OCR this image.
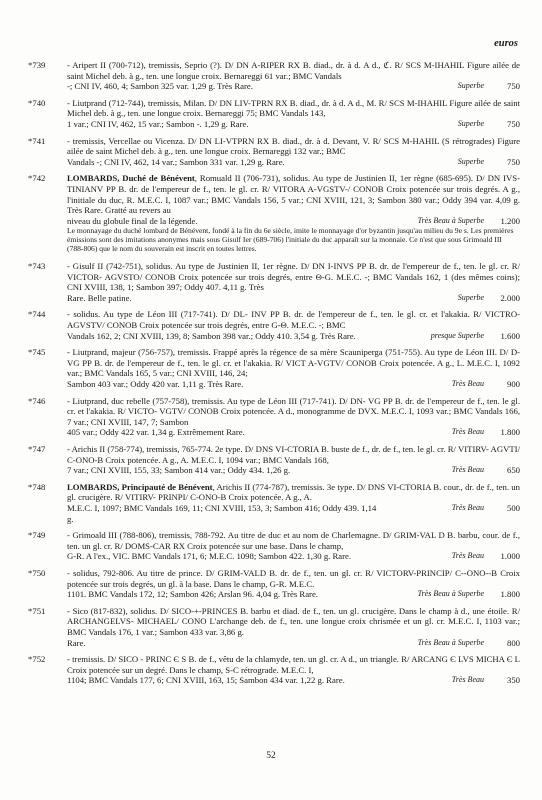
euros
*739	- Aripert II (700-712), tremissis, Seprio (?). D/ DN A-RIPER RX B. diad., dr. à d. A d., ℭ. R/ SCS M-IHAHIL Figure ailée de saint Michel deb. à g., ten. une longue croix. Bernareggi 61 var.; BMC Vandals
-; CNI IV, 460, 4; Sambon 325 var. 1,29 g. Très Rare.	Superbe	750
*740	- Liutprand (712-744), tremissis, Milan. D/ DN LIV-TPRN RX B. diad., dr. à d. A d., M. R/ SCS M-IHAHIL Figure ailée de saint Michel deb. à g., ten. une longue croix. Bernareggi 75; BMC Vandals 143,
1 var.; CNI IV, 462, 15 var.; Sambon -. 1,29 g. Rare.	Superbe	750
*741	- tremissis, Vercellae ou Vicenza. D/ DN LI-VTPRN RX B. diad., dr. à d. Devant, V. R/ SCS M-HAHIL (S rétrogrades) Figure ailée de saint Michel deb. à g., ten. une longue croix. Bernareggi 132 var.; BMC
Vandals -; CNI IV, 462, 14 var.; Sambon 331 var. 1,29 g. Rare.	Superbe	750
*742	LOMBARDS, Duché de Bénévent, Romuald II (706-731), solidus. Au type de Justinien II, 1er règne (685-695). D/ DN IVS-TINIANV PP B. dr. de l'empereur de f., ten. le gl. cr. R/ VITORA A-VGSTV-/ CONOB Croix potencée sur trois degrés. A g., l'initiale du duc, R. M.E.C. I, 1087 var.; BMC Vandals 156, 5 var.; CNI XVIII, 121, 3; Sambon 380 var.; Oddy 394 var. 4,09 g. Très Rare. Gratté au revers au
niveau du globule final de la légende.	Très Beau à Superbe	1.200
Le monnayage du duché lombard de Bénévent, fondé à la fin du 6e siècle, imite le monnayage d'or byzantin jusqu'au milieu du 9e s. Les premières émissions sont des imitations anonymes mais sous Gisulf Ier (689-706) l'initiale du duc apparaît sur la monnaie. Ce n'est que sous Grimoald III (788-806) que le nom du souverain est inscrit en toutes lettres.
*743	- Gisulf II (742-751), solidus. Au type de Justinien II, 1er règne. D/ DN I-INVS PP B. dr. de l'empereur de f., ten. le gl. cr. R/ VICTOR- AGVSTO/ CONOB Croix potencée sur trois degrés, entre Θ-G. M.E.C. -; BMC Vandals 162, 1 (des mêmes coins); CNI XVIII, 138, 1; Sambon 397; Oddy 407. 4,11 g. Très
Rare. Belle patine.	Superbe	2.000
*744	- solidus. Au type de Léon III (717-741). D/ DL- INV PP B. dr. de l'empereur de f., ten. le gl. cr. et l'akakia. R/ VICTRO- AGVSTV/ CONOB Croix potencée sur trois degrés, entre G-Θ. M.E.C. -; BMC
Vandals 162, 2; CNI XVIII, 139, 8; Sambon 398 var.; Oddy 410. 3,54 g. Très Rare.	presque Superbe	1.600
*745	- Liutprand, majeur (756-757), tremissis. Frappé après la régence de sa mère Scauniperga (751-755). Au type de Léon III. D/ D- VG PP B. dr. de l'empereur de f., ten. le gl. cr. et l'akakia. R/ VICT A-VGTV/ CONOB Croix potencée. A g., L. M.E.C. I, 1092 var.; BMC Vandals 165, 5 var.; CNI XVIII, 146, 24;
Sambon 403 var.; Oddy 420 var. 1,11 g. Très Rare.	Très Beau	900
*746	- Liutprand, duc rebelle (757-758), tremissis. Au type de Léon III (717-741). D/ DN- VG PP B. dr. de l'empereur de f., ten. le gl. cr. et l'akakia. R/ VICTO- VGTV/ CONOB Croix potencée. A d., monogramme de DVX. M.E.C. I, 1093 var.; BMC Vandals 166, 7 var.; CNI XVIII, 147, 7; Sambon
405 var.; Oddy 422 var. 1,34 g. Extrêmement Rare.	Très Beau	1.800
*747	- Arichis II (758-774), tremissis, 765-774. 2e type. D/ DNS VI-CTORIA B. buste de f., dr. de f., ten. le gl. cr. R/ VITIRV- AGVTI/ C-ONO-B Croix potencée. A g., A. M.E.C. I, 1094 var.; BMC Vandals 168,
7 var.; CNI XVIII, 155, 33; Sambon 414 var.; Oddy 434. 1,26 g.	Très Beau	650
*748	LOMBARDS, Principauté de Bénévent, Arichis II (774-787), tremissis. 3e type. D/ DNS VI-CTORIA B. cour., dr. de f., ten. un gl. crucigère. R/ VITIRV- PRINPI/ C-ONO-B Croix potencée. A g., A.
M.E.C. I, 1097; BMC Vandals 169, 11; CNI XVIII, 153, 3; Sambon 416; Oddy 439. 1,14 g.
Très Beau	500
*749	- Grimoald III (788-806), tremissis, 788-792. Au titre de duc et au nom de Charlemagne. D/ GRIM-VAL D B. barbu, cour. de f., ten. un gl. cr. R/ DOMS-CAR RX Croix potencée sur une base. Dans le champ,
G-R. A l'ex., VIC. BMC Vandals 171, 6; M.E.C. 1098; Sambon 422. 1,30 g. Rare.	Très Beau	1.000
*750	- solidus, 792-806. Au titre de prince. D/ GRIM-VALD B. dr. de f., ten. un gl. cr. R/ VICTORV-PRINCIP/ C--ONO--B Croix potencée sur trois degrés, un gl. à la base. Dans le champ, G-R. M.E.C.
1101. BMC Vandals 172, 12; Sambon 426; Arslan 96. 4,04 g. Très Rare.	Très Beau à Superbe	1.800
*751	- Sico (817-832), solidus. D/ SICO-+-PRINCES B. barbu et diad. de f., ten. un gl. crucigère. Dans le champ à d., une étoile. R/ ARCHANGELVS- MICHAEL/ CONO L'archange deb. de f., ten. une longue croix chrismée et un gl. cr. M.E.C. I, 1103 var.; BMC Vandals 176, 1 var.; Sambon 433 var. 3,86 g.
Rare.	Très Beau à Superbe	800
*752	- tremissis. D/ SICO - PRINC Є S B. de f., vêtu de la chlamyde, ten. un gl. cr. A d., un triangle. R/ ARCANG Є LVS MICHA Є L Croix potencée sur un degré. Dans le champ, S-C rétrograde. M.E.C. I,
1104; BMC Vandals 177, 6; CNI XVIII, 163, 15; Sambon 434 var. 1,22 g. Rare.	Très Beau	350
52
